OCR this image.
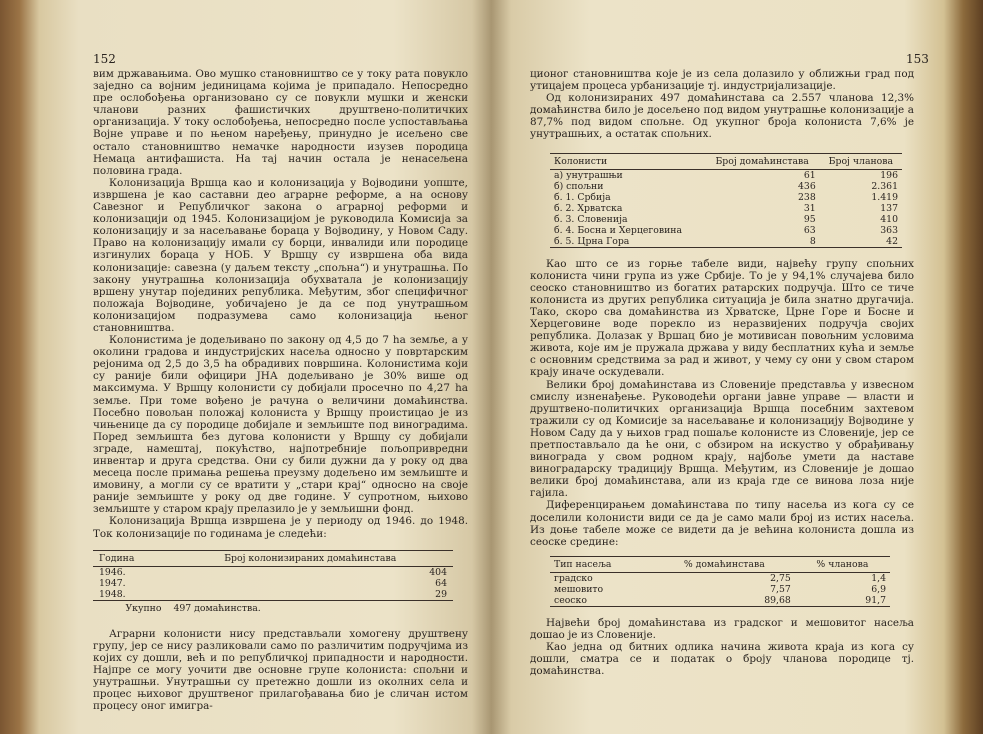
152

вим државањима. Ово мушко становништво се у току рата повукло заједно са војним јединицама којима је припадало. Непосредно пре ослобођења организовано су се повукли мушки и женски чланови разних фашистичких друштвено-политичких организација. У току ослобођења, непосредно после успостављања Војне управе и по њеном наређењу, принудно је исељено све остало становништво немачке народности изузев породица Немаца антифашиста. На тај начин остала је ненасељена половина града.

Колонизација Вршца као и колонизација у Војводини уопште, извршена је као саставни део аграрне реформе, а на основу Савезног и Републичког закона о аграрној реформи и колонизацији од 1945. Колонизацијом је руководила Комисија за колонизацију и за насељавање бораца у Војводину, у Новом Саду. Право на колонизацију имали су борци, инвалиди или породице изгинулих бораца у НОБ. У Вршцу су извршена оба вида колонизације: савезна (у даљем тексту „спољна“) и унутрашња. По закону унутрашња колонизација обухватала је колонизацију вршену унутар појединих република. Међутим, због специфичног положаја Војводине, уобичајено је да се под унутрашњом колонизацијом подразумева само колонизација њеног становништва.

Колонистима је додељивано по закону од 4,5 до 7 ha земље, а у околини градова и индустријских насеља односно у повртарским рејонима од 2,5 до 3,5 ha обрадивих површина. Колонистима који су раније били официри ЈНА додељивано је 30% више од максимума. У Вршцу колонисти су добијали просечно по 4,27 ha земље. При томе вођено је рачуна о величини домаћинства. Посебно повољан положај колониста у Вршцу проистицао је из чињенице да су породице добијале и земљиште под виноградима. Поред земљишта без дугова колонисти у Вршцу су добијали зграде, намештај, покућство, најпотребније пољопривредни инвентар и друга средства. Они су били дужни да у року од два месеца после примања решења преузму додељено им земљиште и имовину, а могли су се вратити у „стари крај“ односно на своје раније земљиште у року од две године. У супротном, њихово земљиште у старом крају прелазило је у земљишни фонд.

Колонизација Вршца извршена је у периоду од 1946. до 1948. Ток колонизације по годинама је следећи:

Година	Број колонизираних домаћинстава
1946.	404
1947.	64
1948.	29
Укупно	497 домаћинства.

Аграрни колонисти нису представљали хомогену друштвену групу, јер се нису разликовали само по различитим подручјима из којих су дошли, већ и по републичкој припадности и народности. Најпре се могу уочити две основне групе колониста: спољни и унутрашњи. Унутрашњи су претежно дошли из околних села и процес њиховог друштвеног прилагођавања био је сличан истом процесу оног имигра-

153

ционог становништва које је из села долазило у оближњи град под утицајем процеса урбанизације тј. индустријализације.

Од колонизираних 497 домаћинстава са 2.557 чланова 12,3% домаћинства било је досељено под видом унутрашње колонизације а 87,7% под видом спољне. Од укупног броја колониста 7,6% је унутрашњих, а остатак спољних.

Колонисти	Број домаћинстава	Број чланова
а) унутрашњи	61	196
б) спољни	436	2.361
б. 1. Србија	238	1.419
б. 2. Хрватска	31	137
б. 3. Словенија	95	410
б. 4. Босна и Херцеговина	63	363
б. 5. Црна Гора	8	42

Као што се из горње табеле види, највећу групу спољних колониста чини група из уже Србије. То је у 94,1% случајева било сеоско становништво из богатих ратарских подручја. Што се тиче колониста из других република ситуација је била знатно другачија. Тако, скоро сва домаћинства из Хрватске, Црне Горе и Босне и Херцеговине воде порекло из неразвијених подручја својих република. Долазак у Вршац био је мотивисан повољним условима живота, које им је пружала држава у виду бесплатних кућа и земље с основним средствима за рад и живот, у чему су они у свом старом крају иначе оскудевали.

Велики број домаћинстава из Словеније представља у извесном смислу изненађење. Руководећи органи јавне управе — власти и друштвено-политичких организација Вршца посебним захтевом тражили су од Комисије за насељавање и колонизацију Војводине у Новом Саду да у њихов град пошаље колонисте из Словеније, јер се претпостављало да ће они, с обзиром на искуство у обрађивању винограда у свом родном крају, најбоље умети да наставе виноградарску традицију Вршца. Међутим, из Словеније је дошао велики број домаћинстава, али из краја где се винова лоза није гајила.

Диференцирањем домаћинстава по типу насеља из кога су се доселили колонисти види се да је само мали број из истих насеља. Из доње табеле може се видети да је већина колониста дошла из сеоске средине:

Тип насеља	% домаћинстава	% чланова
градско	2,75	1,4
мешовито	7,57	6,9
сеоско	89,68	91,7

Највећи број домаћинстава из градског и мешовитог насеља дошао је из Словеније.

Као једна од битних одлика начина живота краја из кога су дошли, сматра се и податак о броју чланова породице тј. домаћинства.
